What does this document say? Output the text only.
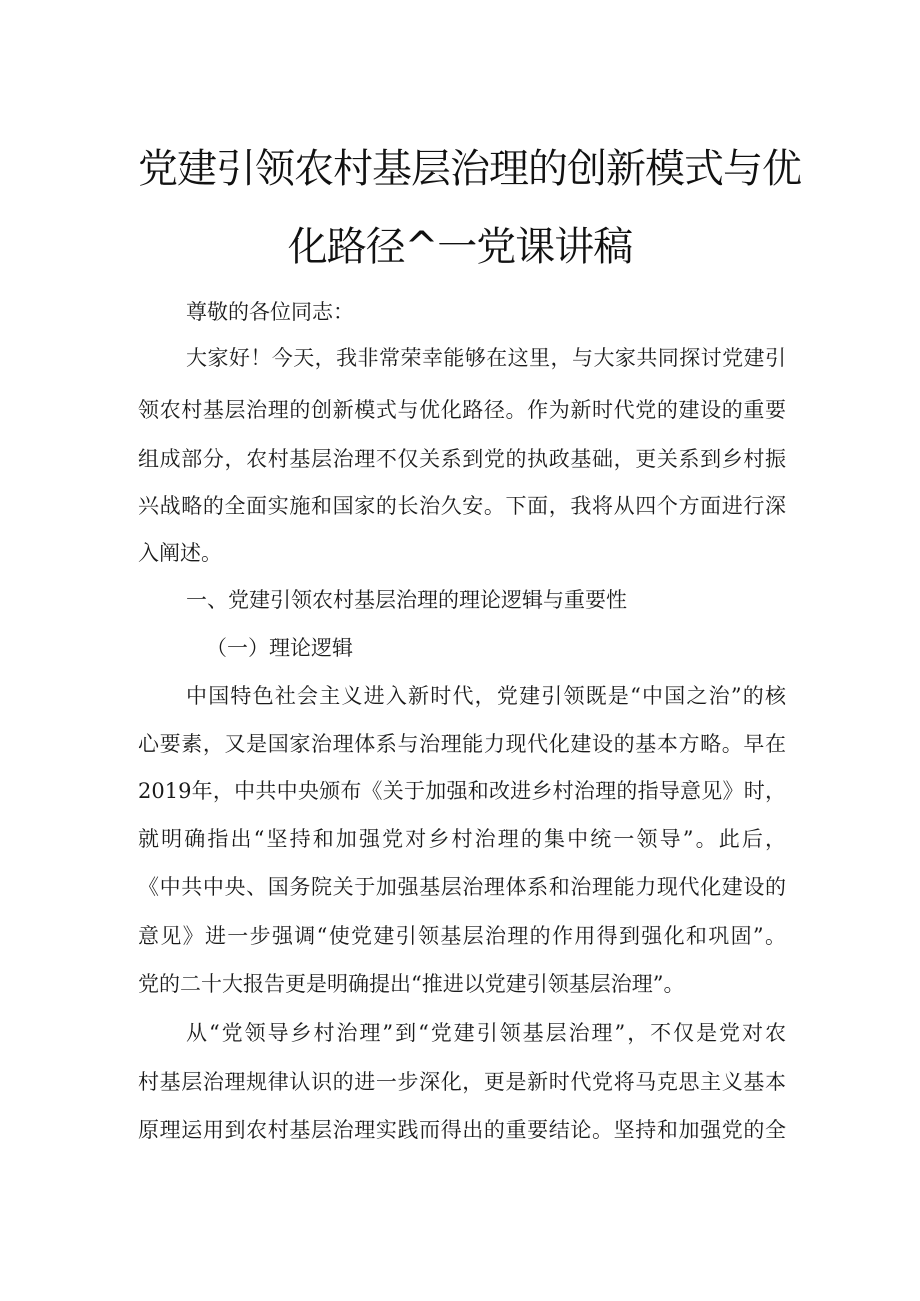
党建引领农村基层治理的创新模式与优
化路径^一党课讲稿
尊敬的各位同志：
大家好！今天，我非常荣幸能够在这里，与大家共同探讨党建引
领农村基层治理的创新模式与优化路径。作为新时代党的建设的重要
组成部分，农村基层治理不仅关系到党的执政基础，更关系到乡村振
兴战略的全面实施和国家的长治久安。下面，我将从四个方面进行深
入阐述。
一、党建引领农村基层治理的理论逻辑与重要性
（一）理论逻辑
中国特色社会主义进入新时代，党建引领既是“中国之治”的核
心要素，又是国家治理体系与治理能力现代化建设的基本方略。早在
2019年，中共中央颁布《关于加强和改进乡村治理的指导意见》时，
就明确指出“坚持和加强党对乡村治理的集中统一领导”。此后，
《中共中央、国务院关于加强基层治理体系和治理能力现代化建设的
意见》进一步强调“使党建引领基层治理的作用得到强化和巩固”。
党的二十大报告更是明确提出“推进以党建引领基层治理”。
从“党领导乡村治理”到“党建引领基层治理”，不仅是党对农
村基层治理规律认识的进一步深化，更是新时代党将马克思主义基本
原理运用到农村基层治理实践而得出的重要结论。坚持和加强党的全
